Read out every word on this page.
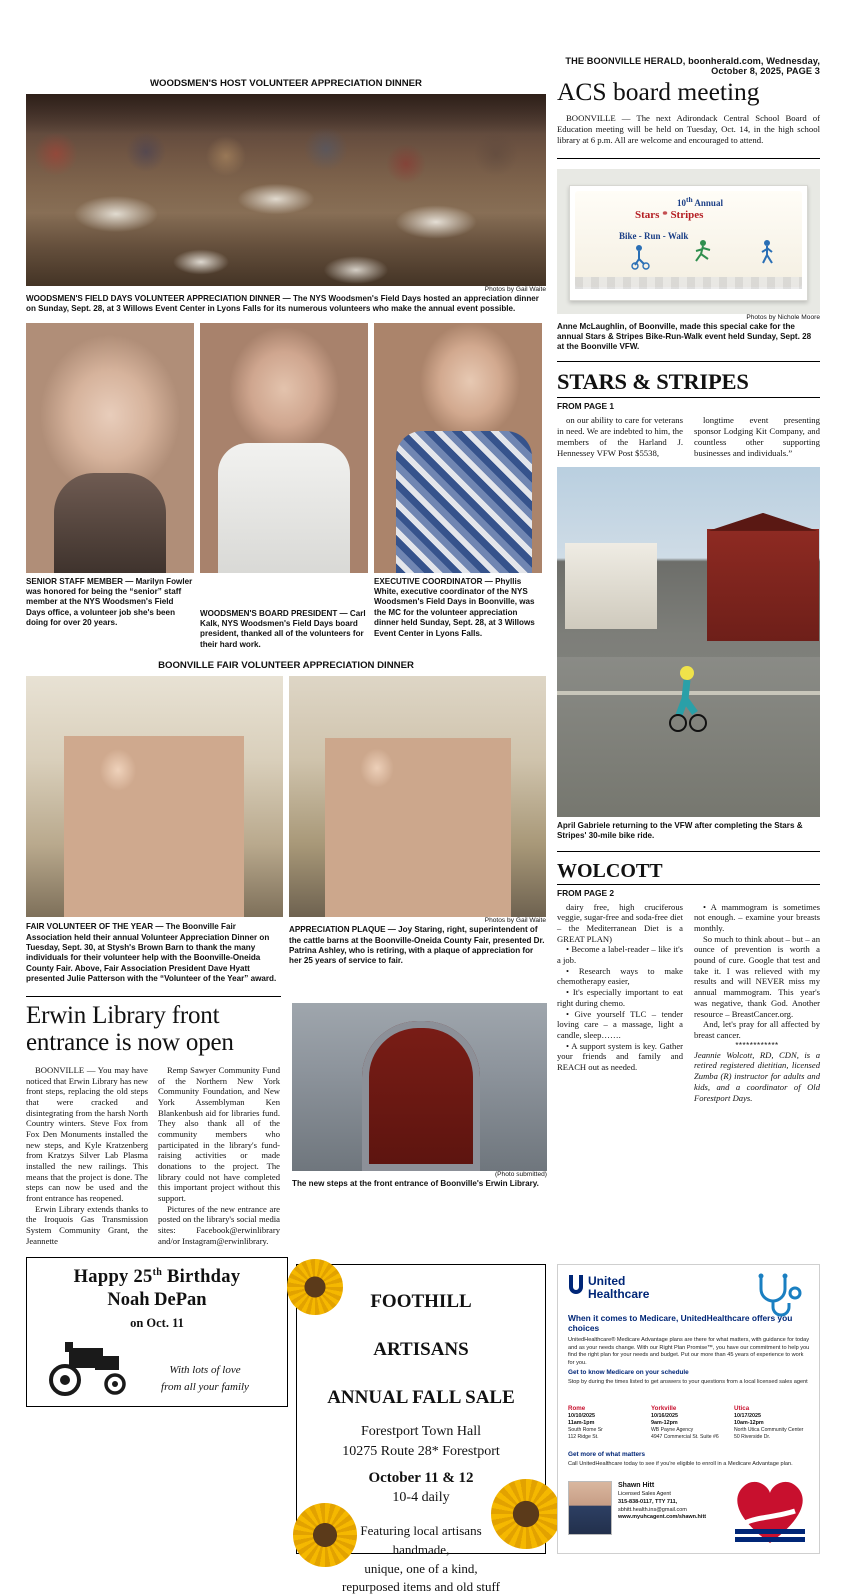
THE BOONVILLE HERALD, boonherald.com, Wednesday, October 8, 2025, PAGE 3
WOODSMEN'S HOST VOLUNTEER APPRECIATION DINNER
Photos by Gail Waite
WOODSMEN'S FIELD DAYS VOLUNTEER APPRECIATION DINNER — The NYS Woodsmen's Field Days hosted an appreciation dinner on Sunday, Sept. 28, at 3 Willows Event Center in Lyons Falls for its numerous volunteers who make the annual event possible.
SENIOR STAFF MEMBER — Marilyn Fowler was honored for being the “senior” staff member at the NYS Woodsmen's Field Days office, a volunteer job she's been doing for over 20 years.
WOODSMEN'S BOARD PRESIDENT — Carl Kalk, NYS Woodsmen's Field Days board president, thanked all of the volunteers for their hard work.
EXECUTIVE COORDINATOR — Phyllis White, executive coordinator of the NYS Woodsmen's Field Days in Boonville, was the MC for the volunteer appreciation dinner held Sunday, Sept. 28, at 3 Willows Event Center in Lyons Falls.
BOONVILLE FAIR VOLUNTEER APPRECIATION DINNER
FAIR VOLUNTEER OF THE YEAR — The Boonville Fair Association held their annual Volunteer Appreciation Dinner on Tuesday, Sept. 30, at Stysh's Brown Barn to thank the many individuals for their volunteer help with the Boonville-Oneida County Fair. Above, Fair Association President Dave Hyatt presented Julie Patterson with the “Volunteer of the Year” award.
Photos by Gail Waite
APPRECIATION PLAQUE — Joy Staring, right, superintendent of the cattle barns at the Boonville-Oneida County Fair, presented Dr. Patrina Ashley, who is retiring, with a plaque of appreciation for her 25 years of service to fair.
Erwin Library front entrance is now open

BOONVILLE — You may have noticed that Erwin Library has new front steps, replacing the old steps that were cracked and disintegrating from the harsh North Country winters. Steve Fox from Fox Den Monuments installed the new steps, and Kyle Kratzenberg from Kratzys Silver Lab Plasma installed the new railings. This means that the project is done. The steps can now be used and the front entrance has reopened.

Erwin Library extends thanks to the Iroquois Gas Transmission System Community Grant, the Jeannette

Remp Sawyer Community Fund of the Northern New York Community Foundation, and New York Assemblyman Ken Blankenbush aid for libraries fund. They also thank all of the community members who participated in the library's fund-raising activities or made donations to the project. The library could not have completed this important project without this support.

Pictures of the new entrance are posted on the library's social media sites: Facebook@erwinlibrary and/or Instagram@erwinlibrary.

(Photo submitted)
The new steps at the front entrance of Boonville's Erwin Library.
Happy 25th Birthday
Noah DePan
on Oct. 11
With lots of love
from all your family
FOOTHILL
ARTISANS
ANNUAL FALL SALE
Forestport Town Hall
10275 Route 28* Forestport
October 11 & 12
10-4 daily
Featuring local artisans
handmade,
unique, one of a kind,
repurposed items and old stuff
ACS board meeting

BOONVILLE — The next Adirondack Central School Board of Education meeting will be held on Tuesday, Oct. 14, in the high school library at 6 p.m. All are welcome and encouraged to attend.

10th Annual
Stars * Stripes
Bike - Run - Walk
Photos by Nichole Moore
Anne McLaughlin, of Boonville, made this special cake for the annual Stars & Stripes Bike-Run-Walk event held Sunday, Sept. 28 at the Boonville VFW.
STARS & STRIPES
FROM PAGE 1

on our ability to care for veterans in need. We are indebted to him, the members of the Harland J. Hennessey VFW Post $5538,

longtime event presenting sponsor Lodging Kit Company, and countless other supporting businesses and individuals.”

April Gabriele returning to the VFW after completing the Stars & Stripes' 30-mile bike ride.
WOLCOTT
FROM PAGE 2

dairy free, high cruciferous veggie, sugar-free and soda-free diet – the Mediterranean Diet is a GREAT PLAN)

• Become a label-reader – like it's a job.

• Research ways to make chemotherapy easier,

• It's especially important to eat right during chemo.

• Give yourself TLC – tender loving care – a massage, light a candle, sleep…….

• A support system is key. Gather your friends and family and REACH out as needed.

• A mammogram is sometimes not enough. – examine your breasts monthly.

So much to think about – but – an ounce of prevention is worth a pound of cure. Google that test and take it. I was relieved with my results and will NEVER miss my annual mammogram. This year's was negative, thank God. Another resource – BreastCancer.org.

And, let's pray for all affected by breast cancer.

************
Jeannie Wolcott, RD, CDN, is a retired registered dietitian, licensed Zumba (R) instructor for adults and kids, and a coordinator of Old Forestport Days.
United
Healthcare
When it comes to Medicare, UnitedHealthcare offers you choices
UnitedHealthcare® Medicare Advantage plans are there for what matters, with guidance for today and as your needs change. With our Right Plan Promise™, you have our commitment to help you find the right plan for your needs and budget. Put our more than 45 years of experience to work for you.
Get to know Medicare on your schedule
Stop by during the times listed to get answers to your questions from a local licensed sales agent
Rome
10/10/2025
11am-1pm
South Rome Sr
112 Ridge St.
Yorkville
10/16/2025
9am-12pm
WB Payne Agency
4947 Commercial St. Suite #6
Utica
10/17/2025
10am-12pm
North Utica Community Center
50 Riverside Dr.
Get more of what matters
Call UnitedHealthcare today to see if you're eligible to enroll in a Medicare Advantage plan.
Shawn Hitt
Licensed Sales Agent
315-838-0117, TTY 711,
sbhitt.health.ins@gmail.com
www.myuhcagent.com/shawn.hitt
